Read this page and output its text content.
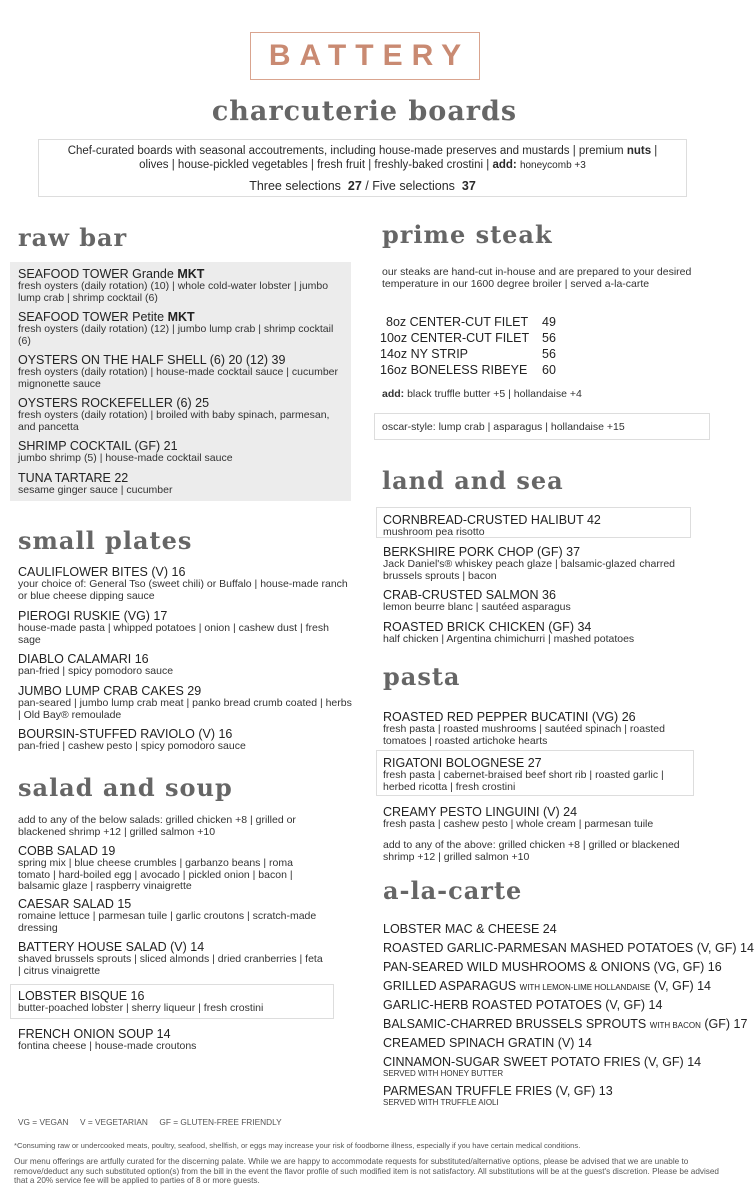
BATTERY
charcuterie boards
Chef-curated boards with seasonal accoutrements, including house-made preserves and mustards | premium nuts |
olives | house-pickled vegetables | fresh fruit | freshly-baked crostini | add: honeycomb +3
Three selections 27 / Five selections 37
raw bar
SEAFOOD TOWER Grande MKT
fresh oysters (daily rotation) (10) | whole cold-water lobster | jumbo lump crab | shrimp cocktail (6)
SEAFOOD TOWER Petite MKT
fresh oysters (daily rotation) (12) | jumbo lump crab | shrimp cocktail (6)
OYSTERS ON THE HALF SHELL (6) 20 (12) 39
fresh oysters (daily rotation) | house-made cocktail sauce | cucumber mignonette sauce
OYSTERS ROCKEFELLER (6) 25
fresh oysters (daily rotation) | broiled with baby spinach, parmesan, and pancetta
SHRIMP COCKTAIL (GF) 21
jumbo shrimp (5) | house-made cocktail sauce
TUNA TARTARE 22
sesame ginger sauce | cucumber
small plates
CAULIFLOWER BITES (V) 16
your choice of: General Tso (sweet chili) or Buffalo | house-made ranch or blue cheese dipping sauce
PIEROGI RUSKIE (VG) 17
house-made pasta | whipped potatoes | onion | cashew dust | fresh sage
DIABLO CALAMARI 16
pan-fried | spicy pomodoro sauce
JUMBO LUMP CRAB CAKES 29
pan-seared | jumbo lump crab meat | panko bread crumb coated | herbs | Old Bay® remoulade
BOURSIN-STUFFED RAVIOLO (V) 16
pan-fried | cashew pesto | spicy pomodoro sauce
salad and soup
add to any of the below salads: grilled chicken +8 | grilled or blackened shrimp +12 | grilled salmon +10
COBB SALAD 19
spring mix | blue cheese crumbles | garbanzo beans | roma tomato | hard-boiled egg | avocado | pickled onion | bacon | balsamic glaze | raspberry vinaigrette
CAESAR SALAD 15
romaine lettuce | parmesan tuile | garlic croutons | scratch-made dressing
BATTERY HOUSE SALAD (V) 14
shaved brussels sprouts | sliced almonds | dried cranberries | feta | citrus vinaigrette
LOBSTER BISQUE 16
butter-poached lobster | sherry liqueur | fresh crostini
FRENCH ONION SOUP 14
fontina cheese | house-made croutons
prime steak
our steaks are hand-cut in-house and are prepared to your desired temperature in our 1600 degree broiler | served a-la-carte
8oz CENTER-CUT FILET 49
10oz CENTER-CUT FILET 56
14oz NY STRIP	56
16oz BONELESS RIBEYE 60
add: black truffle butter +5 | hollandaise +4
oscar-style: lump crab | asparagus | hollandaise +15
land and sea
CORNBREAD-CRUSTED HALIBUT 42
mushroom pea risotto
BERKSHIRE PORK CHOP (GF) 37
Jack Daniel's® whiskey peach glaze | balsamic-glazed charred brussels sprouts | bacon
CRAB-CRUSTED SALMON 36
lemon beurre blanc | sautéed asparagus
ROASTED BRICK CHICKEN (GF) 34
half chicken | Argentina chimichurri | mashed potatoes
pasta
ROASTED RED PEPPER BUCATINI (VG) 26
fresh pasta | roasted mushrooms | sautéed spinach | roasted tomatoes | roasted artichoke hearts
RIGATONI BOLOGNESE 27
fresh pasta | cabernet-braised beef short rib | roasted garlic | herbed ricotta | fresh crostini
CREAMY PESTO LINGUINI (V) 24
fresh pasta | cashew pesto | whole cream | parmesan tuile
add to any of the above: grilled chicken +8 | grilled or blackened shrimp +12 | grilled salmon +10
a-la-carte
LOBSTER MAC & CHEESE 24
ROASTED GARLIC-PARMESAN MASHED POTATOES (V, GF) 14
PAN-SEARED WILD MUSHROOMS & ONIONS (VG, GF) 16
GRILLED ASPARAGUS WITH LEMON-LIME HOLLANDAISE (V, GF) 14
GARLIC-HERB ROASTED POTATOES (V, GF) 14
BALSAMIC-CHARRED BRUSSELS SPROUTS WITH BACON (GF) 17
CREAMED SPINACH GRATIN (V) 14
CINNAMON-SUGAR SWEET POTATO FRIES (V, GF) 14
SERVED WITH HONEY BUTTER
PARMESAN TRUFFLE FRIES (V, GF) 13
SERVED WITH TRUFFLE AIOLI
VG = VEGAN     V = VEGETARIAN     GF = GLUTEN-FREE FRIENDLY
*Consuming raw or undercooked meats, poultry, seafood, shellfish, or eggs may increase your risk of foodborne illness, especially if you have certain medical conditions.
Our menu offerings are artfully curated for the discerning palate. While we are happy to accommodate requests for substituted/alternative options, please be advised that we are unable to remove/deduct any such substituted option(s) from the bill in the event the flavor profile of such modified item is not satisfactory. All substitutions will be at the guest's discretion. Please be advised that a 20% service fee will be applied to parties of 8 or more guests.
